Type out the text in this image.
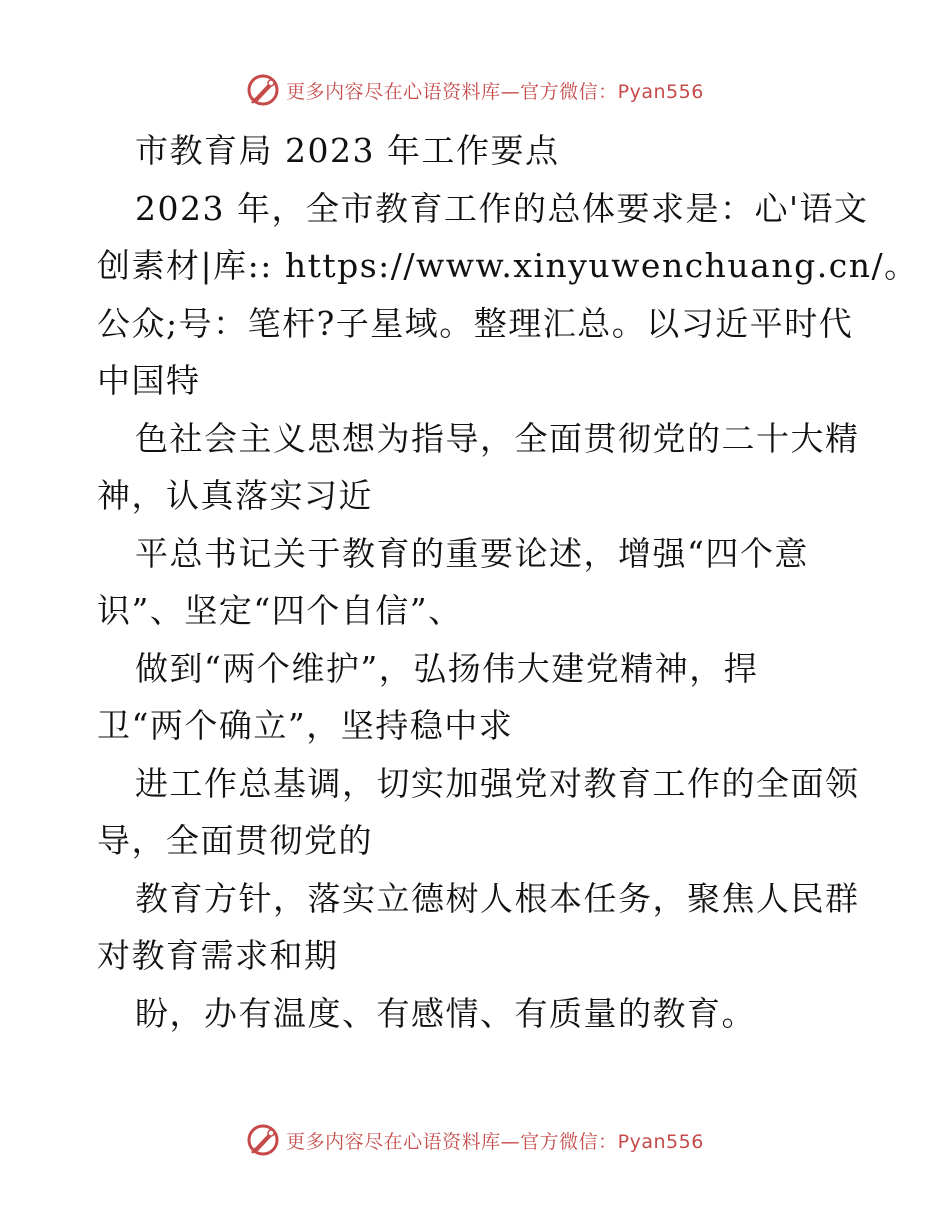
更多内容尽在心语资料库—官方微信：Pyan556
市教育局 2023 年工作要点
2023 年，全市教育工作的总体要求是：心'语文
创素材|库:: https://www.xinyuwenchuang.cn/。
公众;号：笔杆?子星域。整理汇总。以习近平时代
中国特
色社会主义思想为指导，全面贯彻党的二十大精
神，认真落实习近
平总书记关于教育的重要论述，增强“四个意
识”、坚定“四个自信”、
做到“两个维护”，弘扬伟大建党精神，捍
卫“两个确立”，坚持稳中求
进工作总基调，切实加强党对教育工作的全面领
导，全面贯彻党的
教育方针，落实立德树人根本任务，聚焦人民群
对教育需求和期
盼，办有温度、有感情、有质量的教育。
更多内容尽在心语资料库—官方微信：Pyan556
